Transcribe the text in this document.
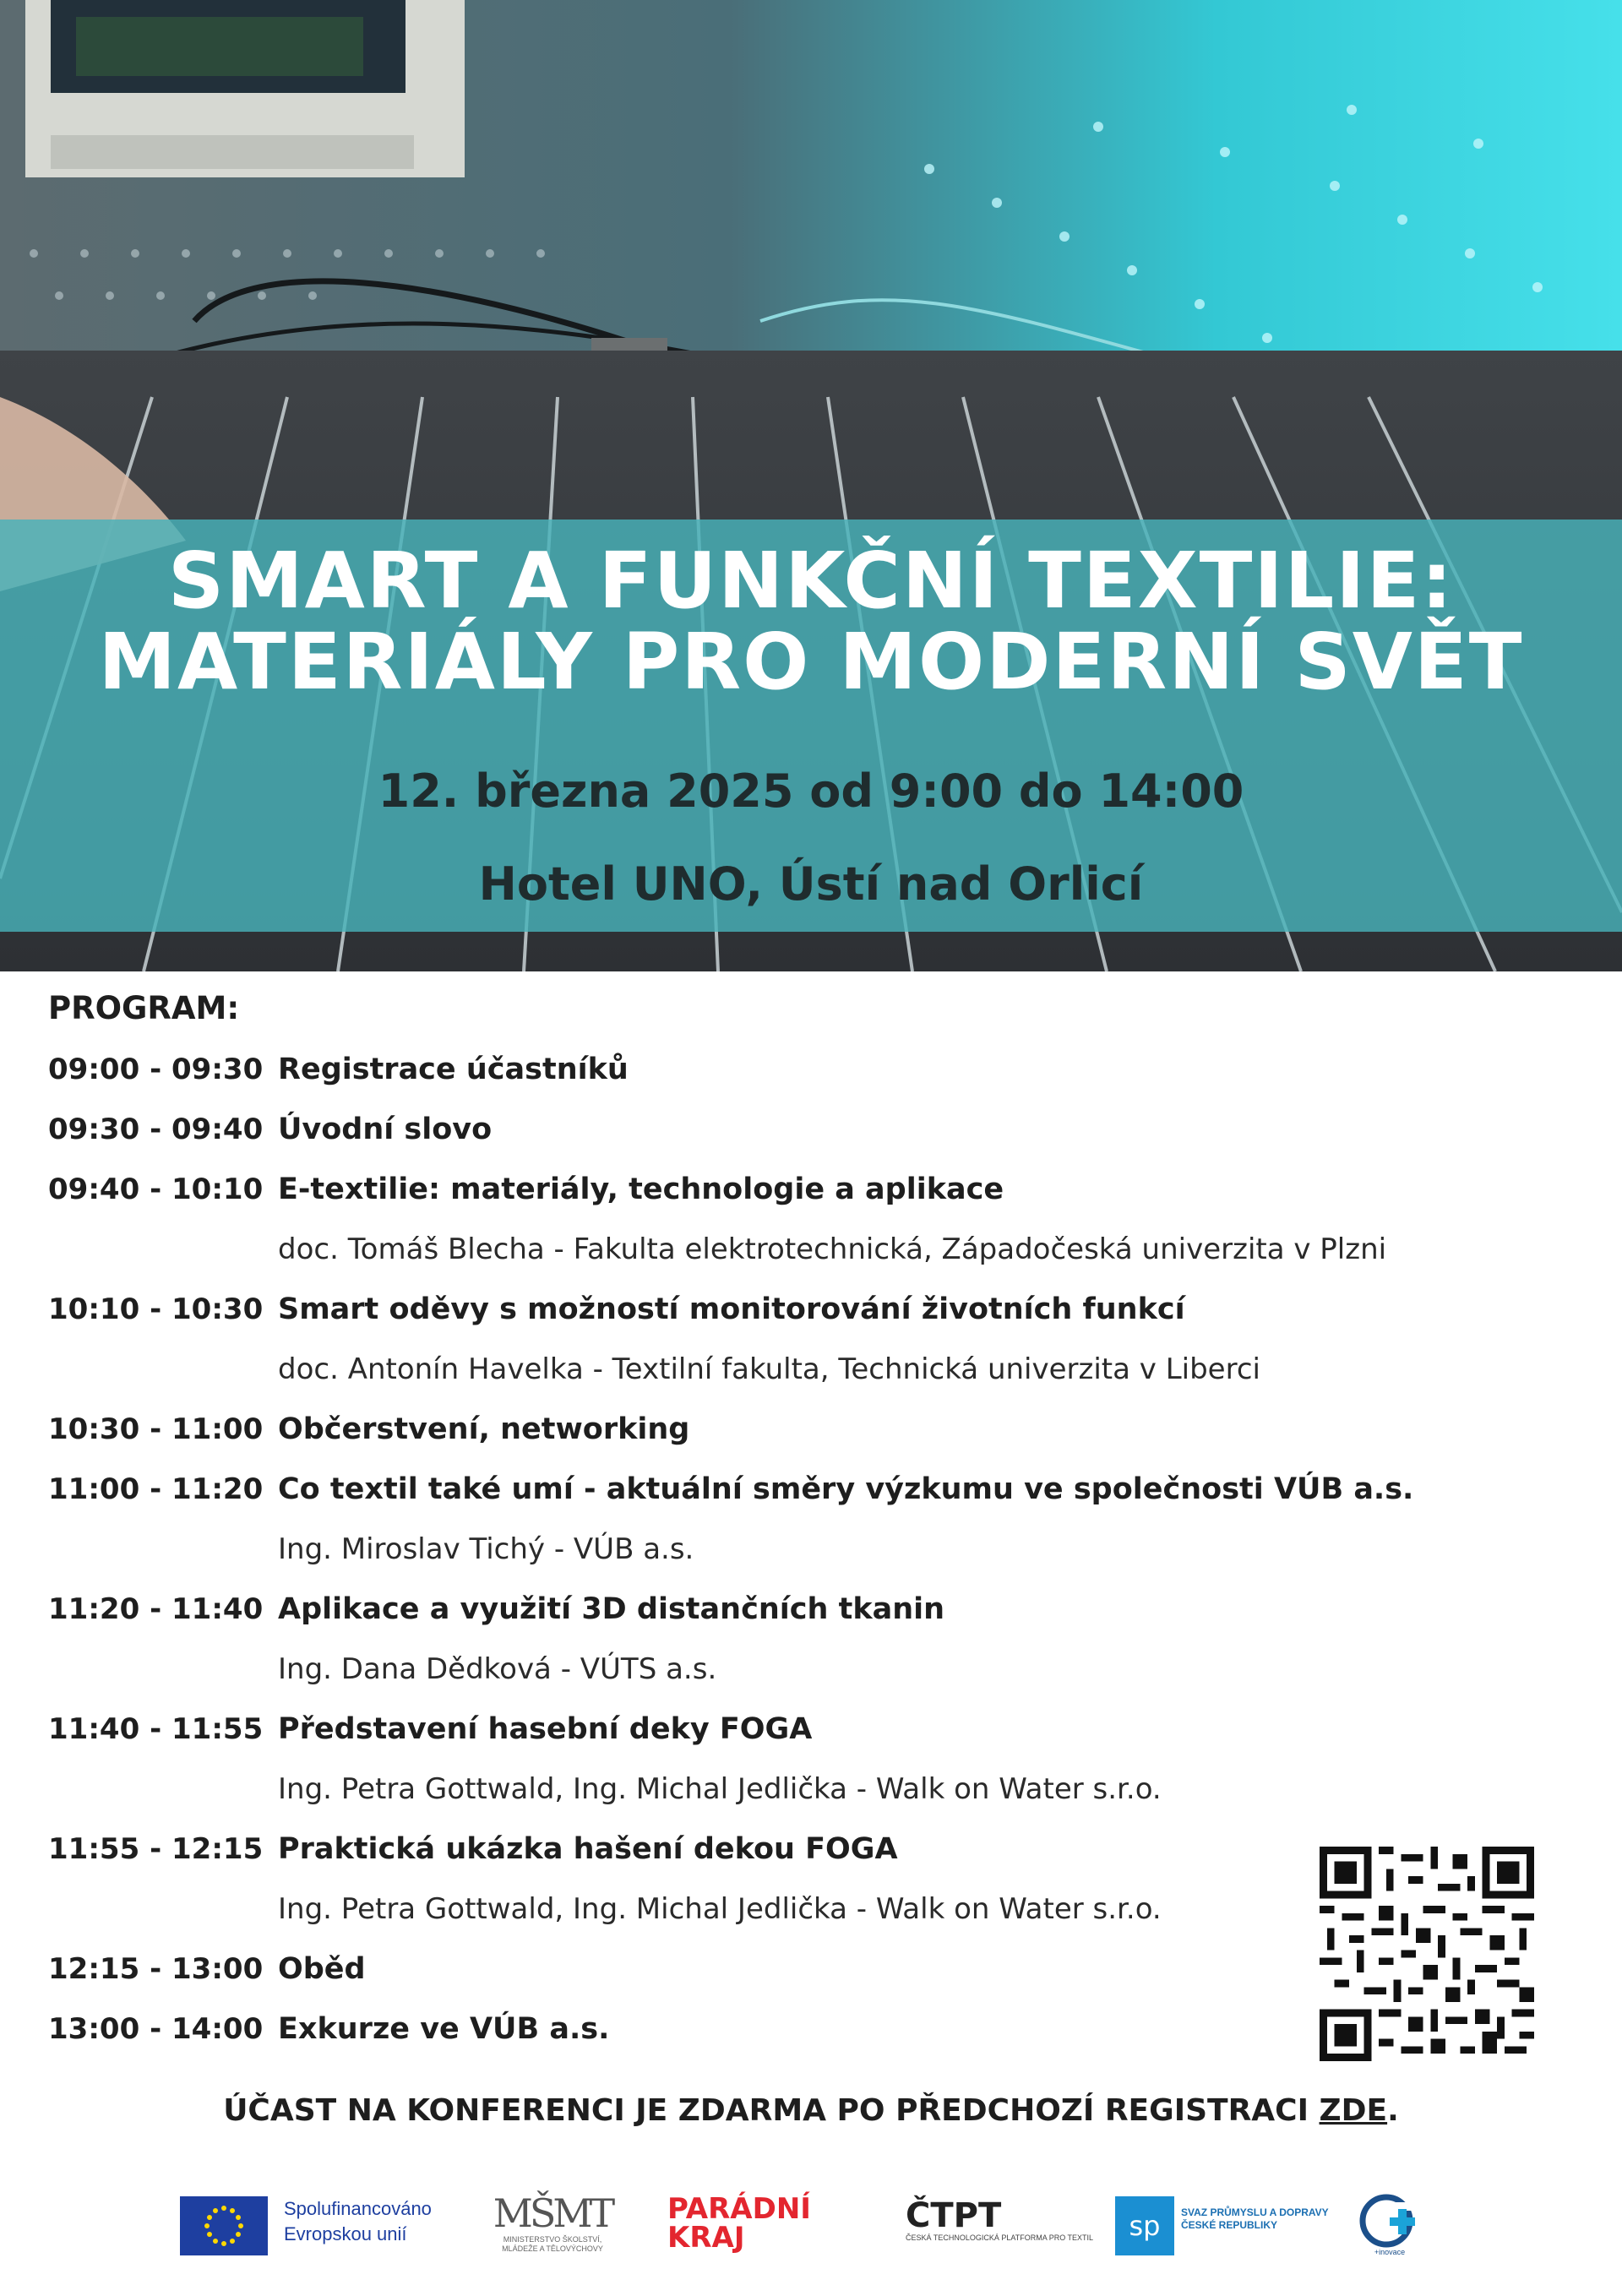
SMART A FUNKČNÍ TEXTILIE:
MATERIÁLY PRO MODERNÍ SVĚT
12. března 2025 od 9:00 do 14:00
Hotel UNO, Ústí nad Orlicí
PROGRAM:
09:00 - 09:30 Registrace účastníků
09:30 - 09:40 Úvodní slovo
09:40 - 10:10 E-textilie: materiály, technologie a aplikace
doc. Tomáš Blecha - Fakulta elektrotechnická, Západočeská univerzita v Plzni
10:10 - 10:30 Smart oděvy s možností monitorování životních funkcí
doc. Antonín Havelka - Textilní fakulta, Technická univerzita v Liberci
10:30 - 11:00 Občerstvení, networking
11:00 - 11:20 Co textil také umí - aktuální směry výzkumu ve společnosti VÚB a.s.
Ing. Miroslav Tichý - VÚB a.s.
11:20 - 11:40 Aplikace a využití 3D distančních tkanin
Ing. Dana Dědková - VÚTS a.s.
11:40 - 11:55 Představení hasební deky FOGA
Ing. Petra Gottwald, Ing. Michal Jedlička - Walk on Water s.r.o.
11:55 - 12:15 Praktická ukázka hašení dekou FOGA
Ing. Petra Gottwald, Ing. Michal Jedlička - Walk on Water s.r.o.
12:15 - 13:00 Oběd
13:00 - 14:00 Exkurze ve VÚB a.s.
ÚČAST NA KONFERENCI JE ZDARMA PO PŘEDCHOZÍ REGISTRACI ZDE.
Spolufinancováno
Evropskou unií	MŠMT
MINISTERSTVO ŠKOLSTVÍ,
MLÁDEŽE A TĚLOVÝCHOVY
PARÁDNÍ
KRAJ
ČTPT
ČESKÁ TECHNOLOGICKÁ PLATFORMA PRO TEXTIL	sp	SVAZ PRŮMYSLU A DOPRAVY
ČESKÉ REPUBLIKY
+inovace
